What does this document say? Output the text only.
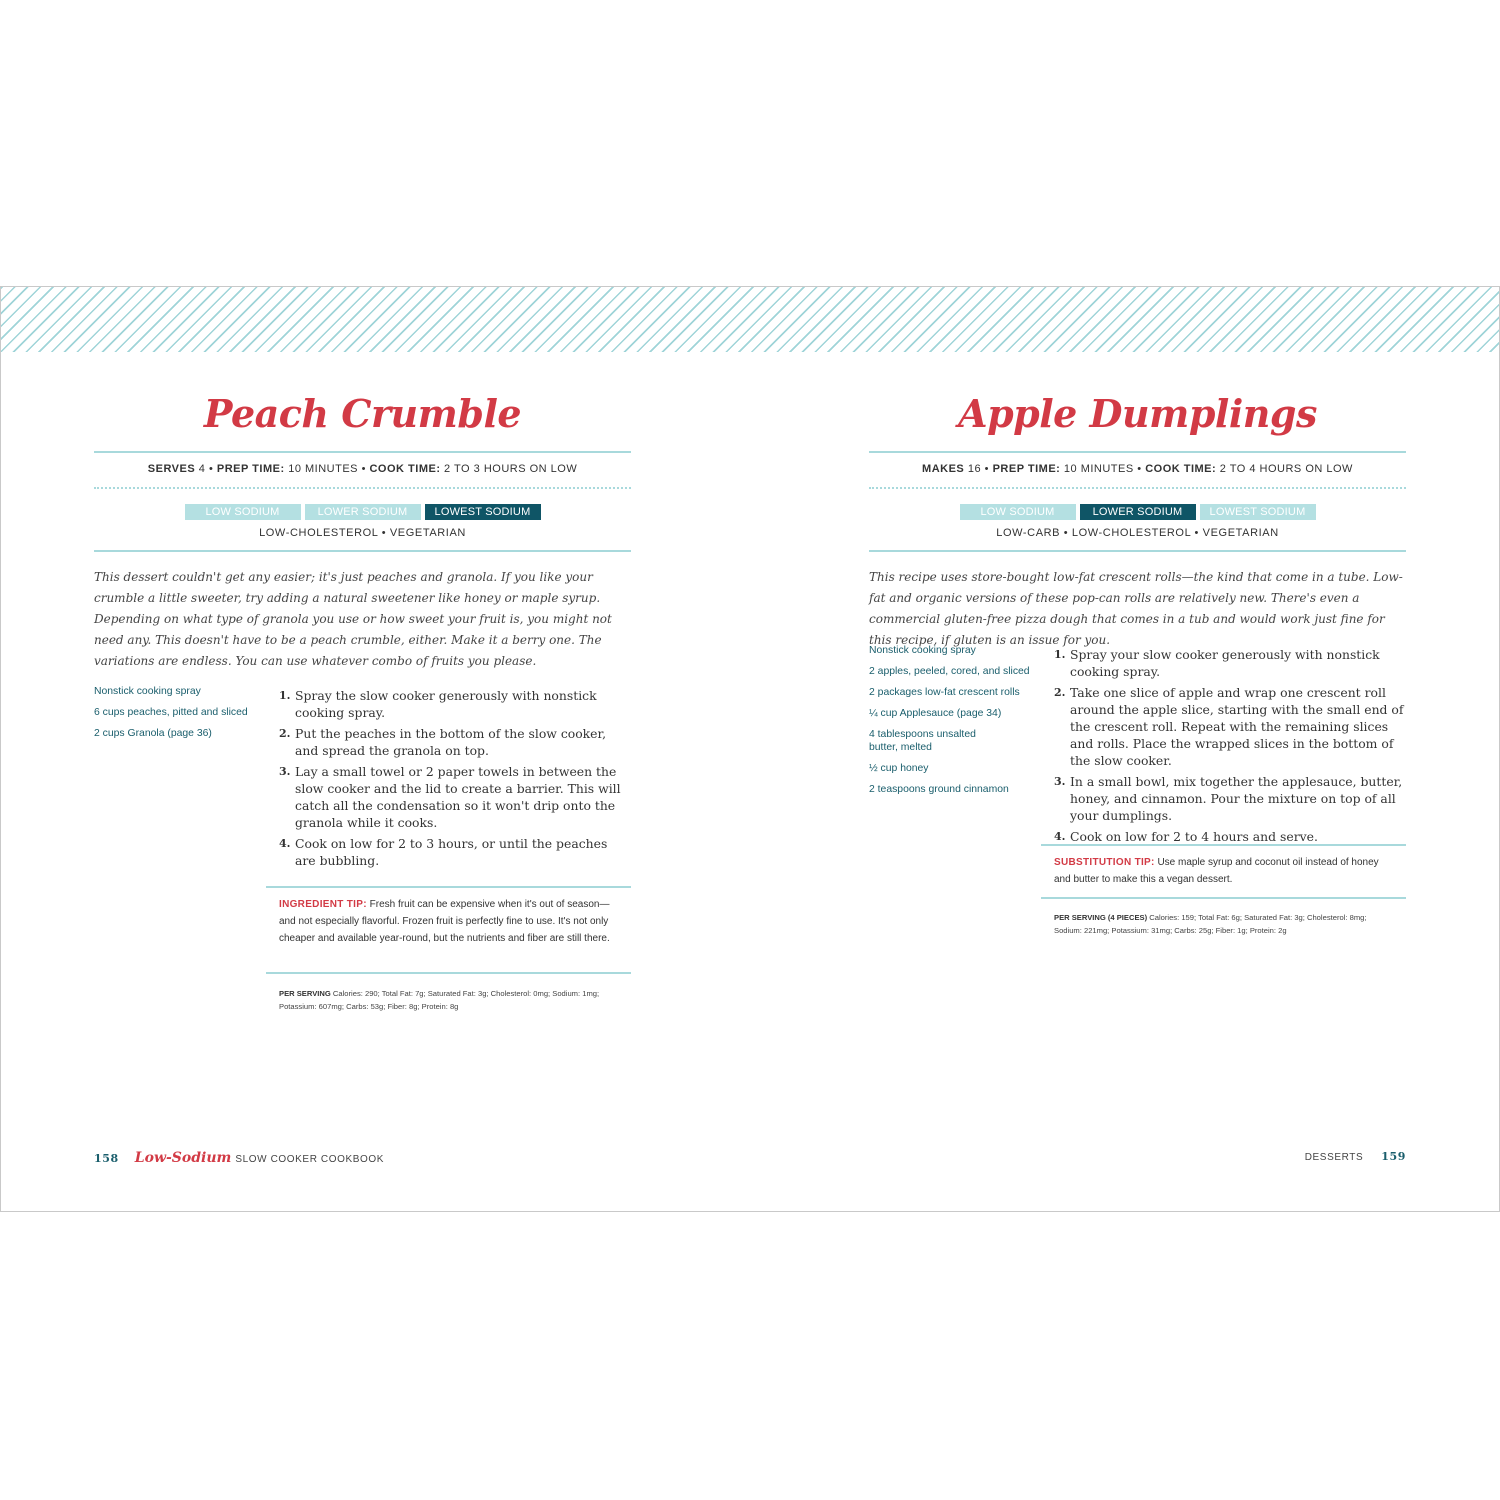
Peach Crumble
SERVES 4 • PREP TIME: 10 MINUTES • COOK TIME: 2 TO 3 HOURS ON LOW
LOW SODIUM	LOWER SODIUM LOWEST SODIUM
LOW-CHOLESTEROL • VEGETARIAN

This dessert couldn't get any easier; it's just peaches and granola. If you like your crumble a little sweeter, try adding a natural sweetener like honey or maple syrup. Depending on what type of granola you use or how sweet your fruit is, you might not need any. This doesn't have to be a peach crumble, either. Make it a berry one. The variations are endless. You can use whatever combo of fruits you please.

Nonstick cooking spray
6 cups peaches, pitted and sliced
2 cups Granola (page 36)
1. Spray the slow cooker generously with nonstick cooking spray.
2. Put the peaches in the bottom of the slow cooker, and spread the granola on top.
3. Lay a small towel or 2 paper towels in between the slow cooker and the lid to create a barrier. This will catch all the condensation so it won't drip onto the granola while it cooks.
4. Cook on low for 2 to 3 hours, or until the peaches are bubbling.

INGREDIENT TIP: Fresh fruit can be expensive when it's out of season—and not especially flavorful. Frozen fruit is perfectly fine to use. It's not only cheaper and available year-round, but the nutrients and fiber are still there.

PER SERVING Calories: 290; Total Fat: 7g; Saturated Fat: 3g; Cholesterol: 0mg; Sodium: 1mg; Potassium: 607mg; Carbs: 53g; Fiber: 8g; Protein: 8g

158 Low-Sodium SLOW COOKER COOKBOOK
Apple Dumplings
MAKES 16 • PREP TIME: 10 MINUTES • COOK TIME: 2 TO 4 HOURS ON LOW
LOW SODIUM	LOWER SODIUM LOWEST SODIUM
LOW-CARB • LOW-CHOLESTEROL • VEGETARIAN

This recipe uses store-bought low-fat crescent rolls—the kind that come in a tube. Low-fat and organic versions of these pop-can rolls are relatively new. There's even a commercial gluten-free pizza dough that comes in a tub and would work just fine for this recipe, if gluten is an issue for you.

Nonstick cooking spray
2 apples, peeled, cored, and sliced
2 packages low-fat crescent rolls
¼ cup Applesauce (page 34)
4 tablespoons unsalted butter, melted
½ cup honey
2 teaspoons ground cinnamon
1. Spray your slow cooker generously with nonstick cooking spray.
2. Take one slice of apple and wrap one crescent roll around the apple slice, starting with the small end of the crescent roll. Repeat with the remaining slices and rolls. Place the wrapped slices in the bottom of the slow cooker.
3. In a small bowl, mix together the applesauce, butter, honey, and cinnamon. Pour the mixture on top of all your dumplings.
4. Cook on low for 2 to 4 hours and serve.

SUBSTITUTION TIP: Use maple syrup and coconut oil instead of honey and butter to make this a vegan dessert.

PER SERVING (4 PIECES) Calories: 159; Total Fat: 6g; Saturated Fat: 3g; Cholesterol: 8mg; Sodium: 221mg; Potassium: 31mg; Carbs: 25g; Fiber: 1g; Protein: 2g

DESSERTS 159
